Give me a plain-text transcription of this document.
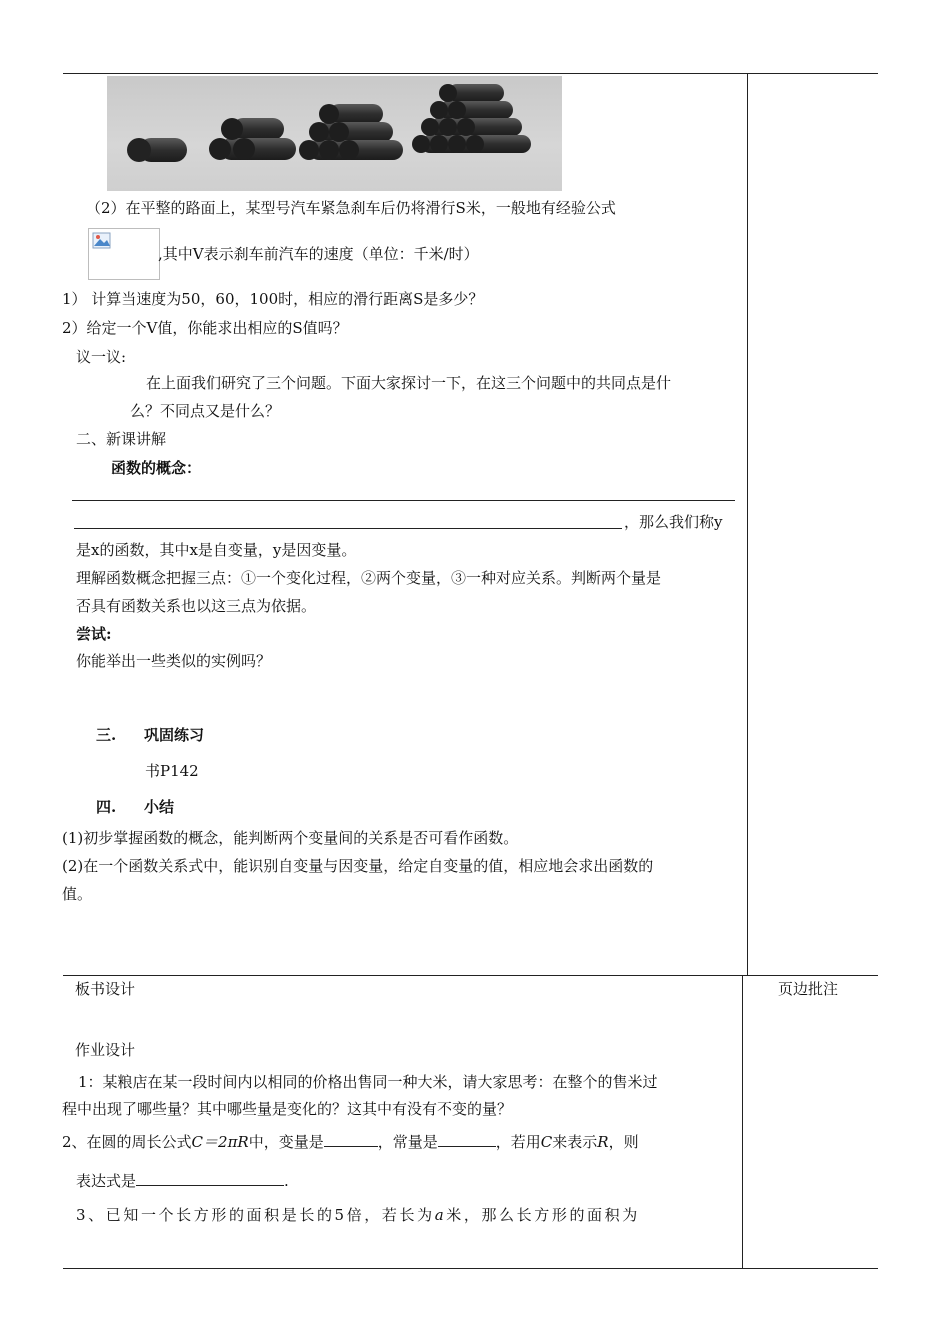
（2）在平整的路面上，某型号汽车紧急刹车后仍将滑行S米，一般地有经验公式
,其中V表示刹车前汽车的速度（单位：千米/时）
1） 计算当速度为50，60，100时，相应的滑行距离S是多少？
2）给定一个V值，你能求出相应的S值吗？
议一议:
在上面我们研究了三个问题。下面大家探讨一下，在这三个问题中的共同点是什
么？不同点又是什么？
二、新课讲解
函数的概念：
，那么我们称y
是x的函数，其中x是自变量，y是因变量。
理解函数概念把握三点：①一个变化过程，②两个变量，③一种对应关系。判断两个量是
否具有函数关系也以这三点为依据。
尝试:
你能举出一些类似的实例吗？
三. 巩固练习
书P142
四. 小结
(1)初步掌握函数的概念，能判断两个变量间的关系是否可看作函数。
(2)在一个函数关系式中，能识别自变量与因变量，给定自变量的值，相应地会求出函数的
值。
板书设计	页边批注
作业设计
1：某粮店在某一段时间内以相同的价格出售同一种大米，请大家思考：在整个的售米过
程中出现了哪些量？其中哪些量是变化的？这其中有没有不变的量？
2、在圆的周长公式C＝2πR中，变量是	，常量是	，若用C来表示R，则
表达式是	.
3、已知一个长方形的面积是长的5倍，若长为a米，那么长方形的面积为
